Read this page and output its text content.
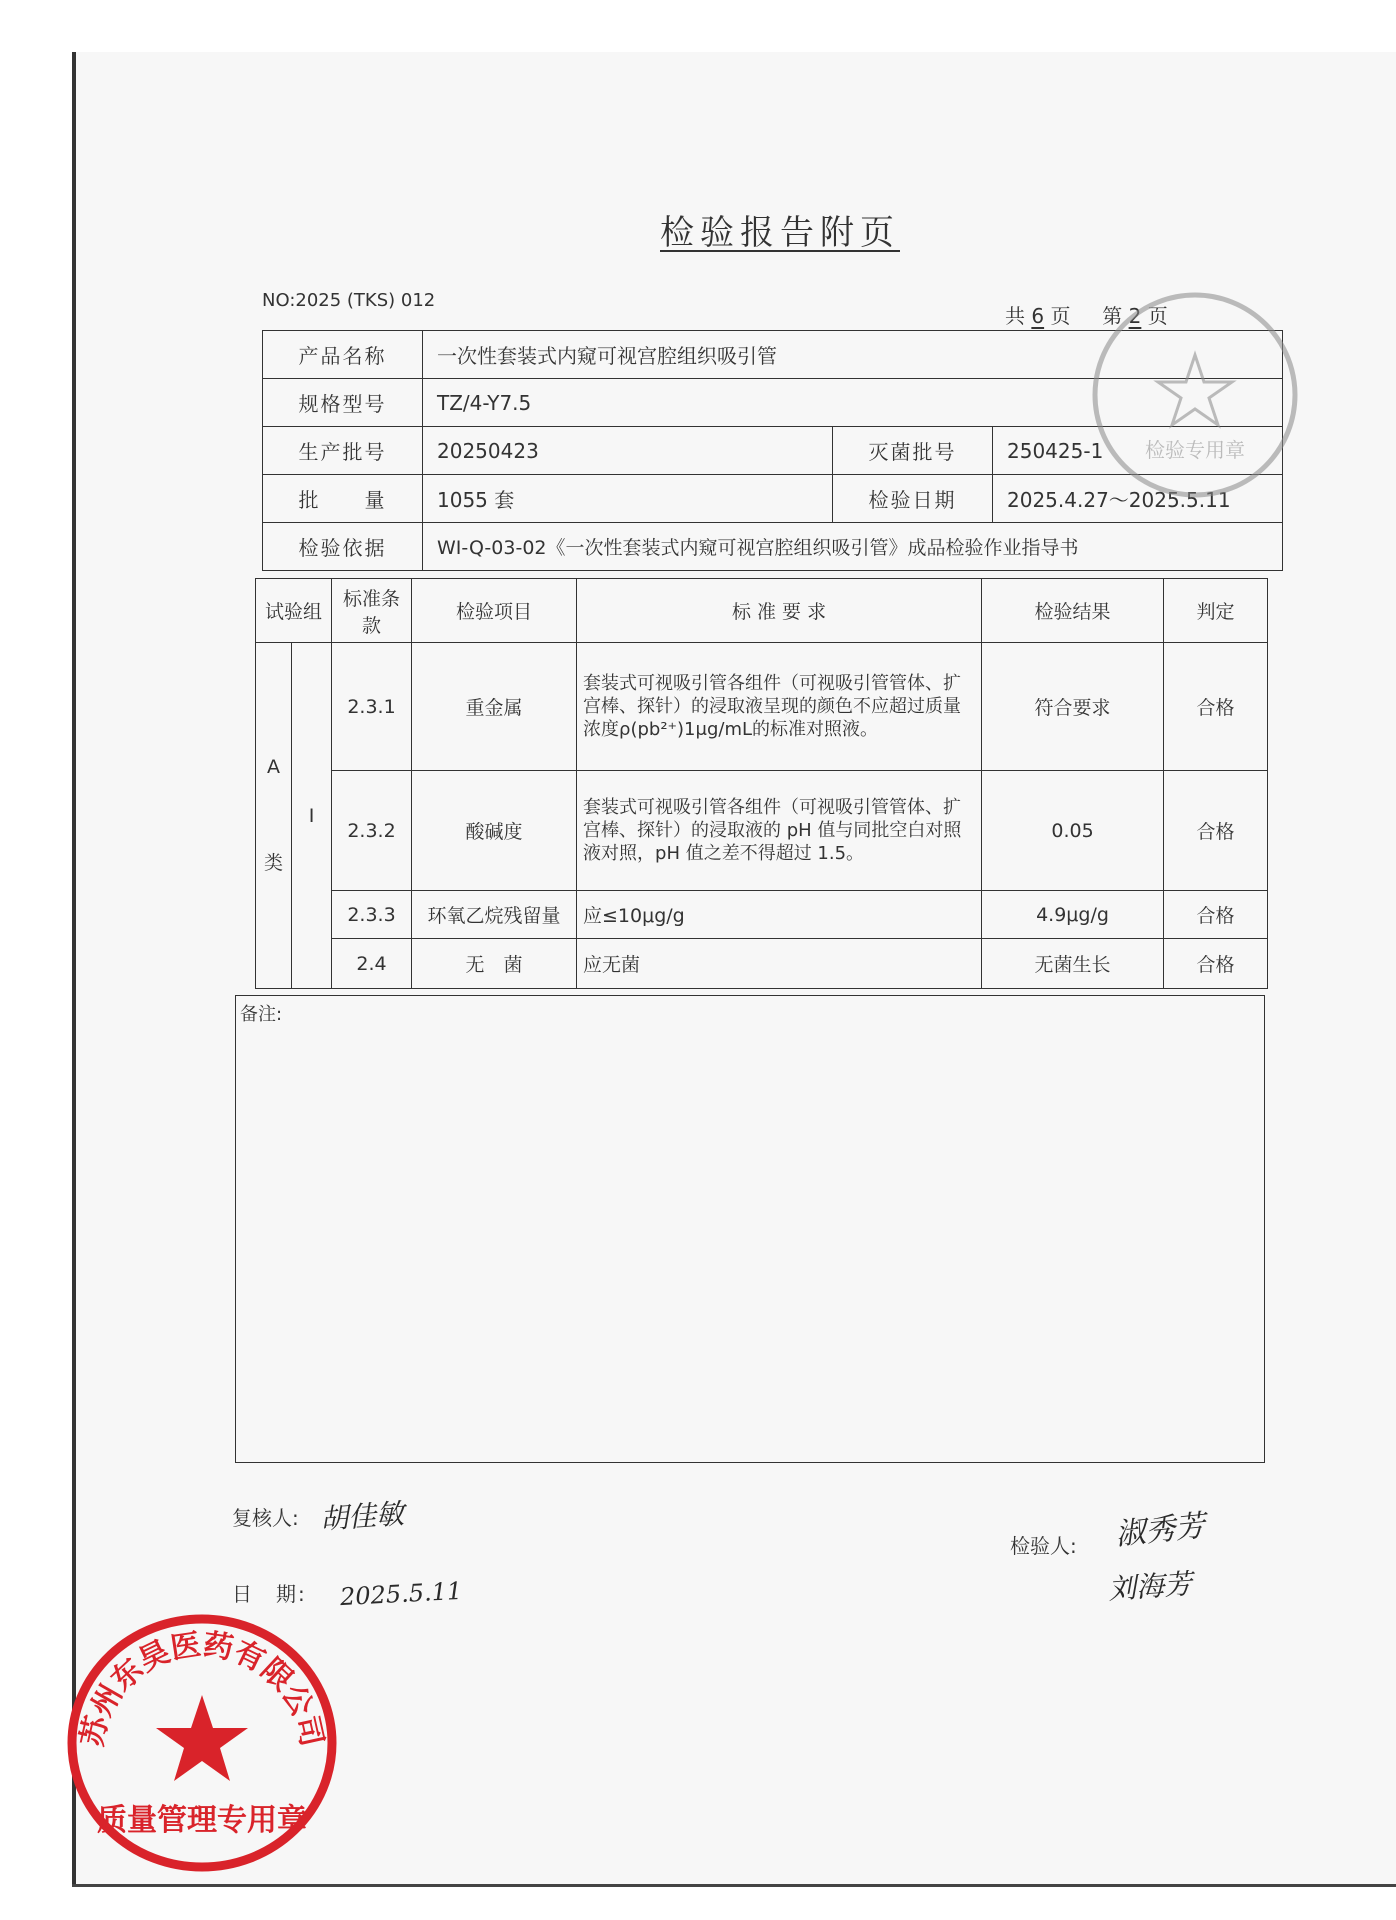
检验报告附页
NO:2025 (TKS) 012
共 6 页 第 2 页
产品名称	一次性套装式内窥可视宫腔组织吸引管		
规格型号	TZ/4-Y7.5		
生产批号	20250423	灭菌批号	250425-1
批　　量	1055 套	检验日期	2025.4.27～2025.5.11
检验依据	WI-Q-03-02《一次性套装式内窥可视宫腔组织吸引管》成品检验作业指导书		
试验组		标准条款	检验项目	标 准 要 求	检验结果	判定

A
类	I	2.3.1	重金属	套装式可视吸引管各组件（可视吸引管管体、扩宫棒、探针）的浸取液呈现的颜色不应超过质量浓度ρ(pb²⁺)1μg/mL的标准对照液。	符合要求	合格
		2.3.2	酸碱度	套装式可视吸引管各组件（可视吸引管管体、扩宫棒、探针）的浸取液的 pH 值与同批空白对照液对照，pH 值之差不得超过 1.5。	0.05	合格
		2.3.3	环氧乙烷残留量	应≤10μg/g	4.9μg/g	合格
		2.4	无　菌	应无菌	无菌生长	合格
备注:
复核人: 胡佳敏
日　期: 2025.5.11
检验人: 淑秀芳
刘海芳
苏州东昊医药有限公司
质量管理专用章
检验专用章
